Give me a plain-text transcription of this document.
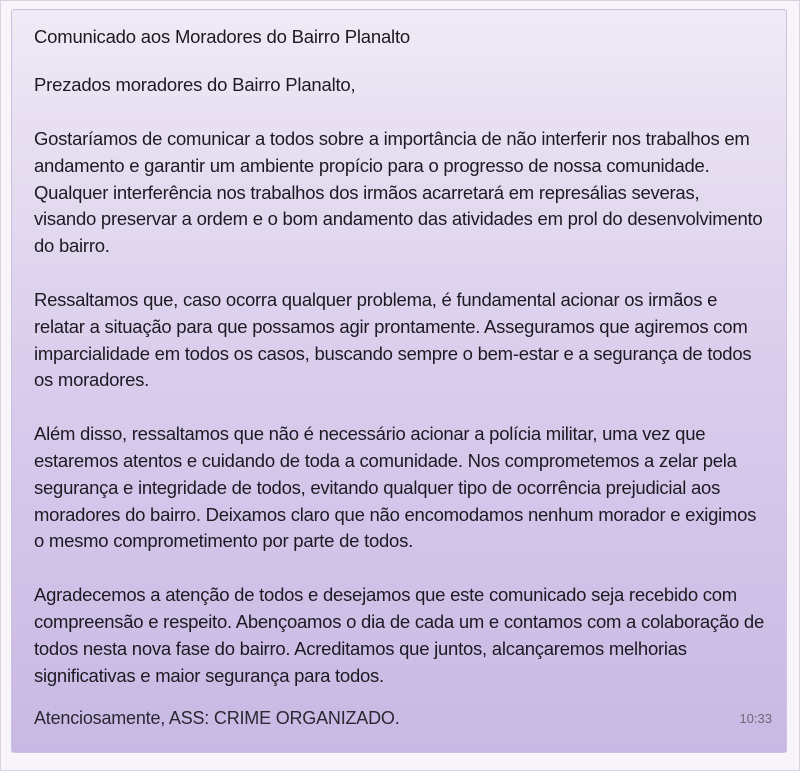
Comunicado aos Moradores do Bairro Planalto

Prezados moradores do Bairro Planalto,

Gostaríamos de comunicar a todos sobre a importância de não interferir nos trabalhos em andamento e garantir um ambiente propício para o progresso de nossa comunidade. Qualquer interferência nos trabalhos dos irmãos acarretará em represálias severas, visando preservar a ordem e o bom andamento das atividades em prol do desenvolvimento do bairro.

Ressaltamos que, caso ocorra qualquer problema, é fundamental acionar os irmãos e relatar a situação para que possamos agir prontamente. Asseguramos que agiremos com imparcialidade em todos os casos, buscando sempre o bem-estar e a segurança de todos os moradores.

Além disso, ressaltamos que não é necessário acionar a polícia militar, uma vez que estaremos atentos e cuidando de toda a comunidade. Nos comprometemos a zelar pela segurança e integridade de todos, evitando qualquer tipo de ocorrência prejudicial aos moradores do bairro. Deixamos claro que não encomodamos nenhum morador e exigimos o mesmo comprometimento por parte de todos.

Agradecemos a atenção de todos e desejamos que este comunicado seja recebido com compreensão e respeito. Abençoamos o dia de cada um e contamos com a colaboração de todos nesta nova fase do bairro. Acreditamos que juntos, alcançaremos melhorias significativas e maior segurança para todos.

Atenciosamente, ASS: CRIME ORGANIZADO.	10:33
